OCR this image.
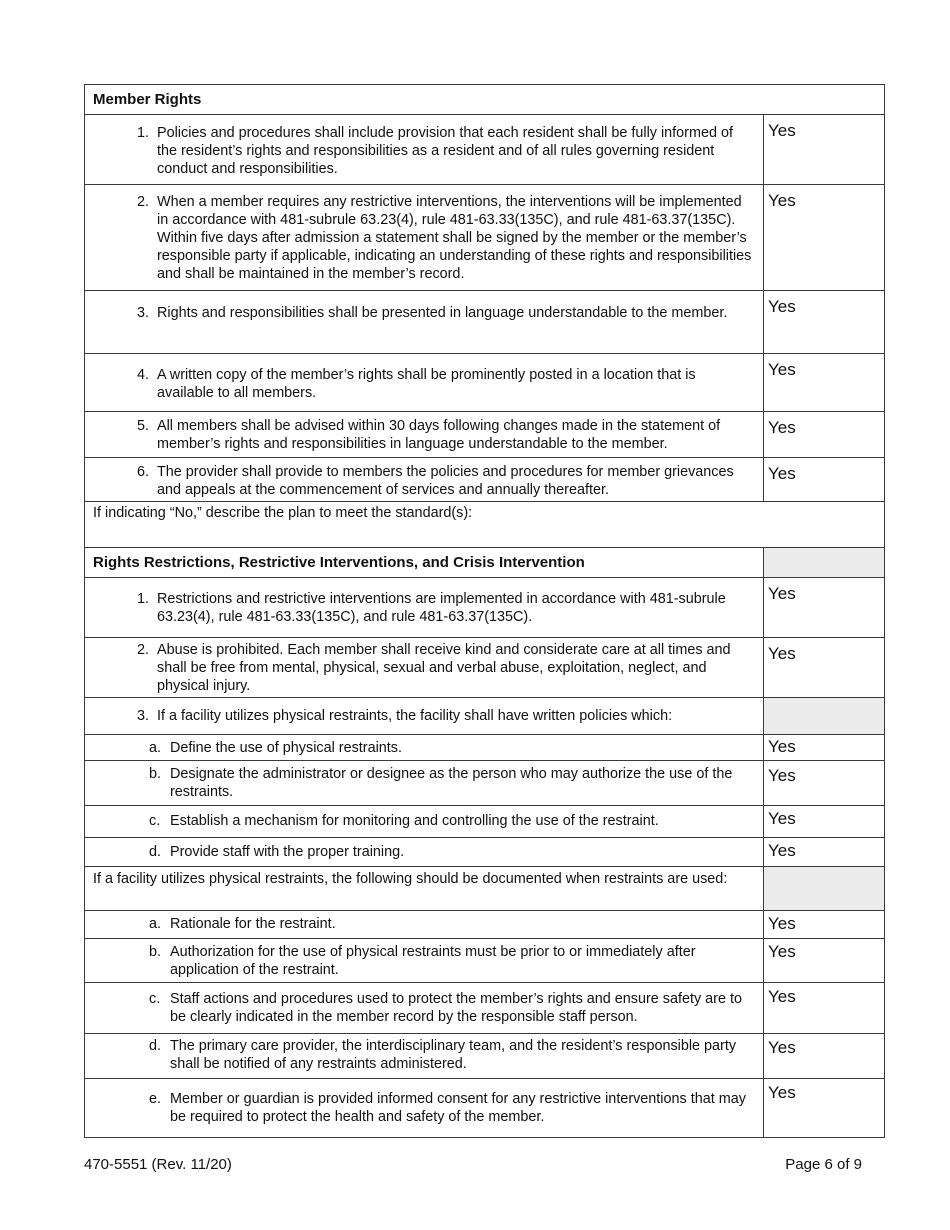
Member Rights	

1. Policies and procedures shall include provision that each resident shall be fully informed of the resident’s rights and responsibilities as a resident and of all rules governing resident conduct and responsibilities.	Yes

2. When a member requires any restrictive interventions, the interventions will be implemented in accordance with 481-subrule 63.23(4), rule 481-63.33(135C), and rule 481-63.37(135C). Within five days after admission a statement shall be signed by the member or the member’s responsible party if applicable, indicating an understanding of these rights and responsibilities and shall be maintained in the member’s record.	Yes

3. Rights and responsibilities shall be presented in language understandable to the member.	Yes

4. A written copy of the member’s rights shall be prominently posted in a location that is available to all members.	Yes

5. All members shall be advised within 30 days following changes made in the statement of member’s rights and responsibilities in language understandable to the member.	Yes

6. The provider shall provide to members the policies and procedures for member grievances and appeals at the commencement of services and annually thereafter.	Yes

If indicating “No,” describe the plan to meet the standard(s):	

Rights Restrictions, Restrictive Interventions, and Crisis Intervention	

1. Restrictions and restrictive interventions are implemented in accordance with 481-subrule 63.23(4), rule 481-63.33(135C), and rule 481-63.37(135C).	Yes

2. Abuse is prohibited. Each member shall receive kind and considerate care at all times and shall be free from mental, physical, sexual and verbal abuse, exploitation, neglect, and physical injury.	Yes

3. If a facility utilizes physical restraints, the facility shall have written policies which:	

a. Define the use of physical restraints.	Yes

b. Designate the administrator or designee as the person who may authorize the use of the restraints.	Yes

c. Establish a mechanism for monitoring and controlling the use of the restraint.	Yes

d. Provide staff with the proper training.	Yes

If a facility utilizes physical restraints, the following should be documented when restraints are used:	

a. Rationale for the restraint.	Yes

b. Authorization for the use of physical restraints must be prior to or immediately after application of the restraint.	Yes

c. Staff actions and procedures used to protect the member’s rights and ensure safety are to be clearly indicated in the member record by the responsible staff person.	Yes

d. The primary care provider, the interdisciplinary team, and the resident’s responsible party shall be notified of any restraints administered.	Yes

e. Member or guardian is provided informed consent for any restrictive interventions that may be required to protect the health and safety of the member.	Yes
470-5551 (Rev. 11/20)	Page 6 of 9
